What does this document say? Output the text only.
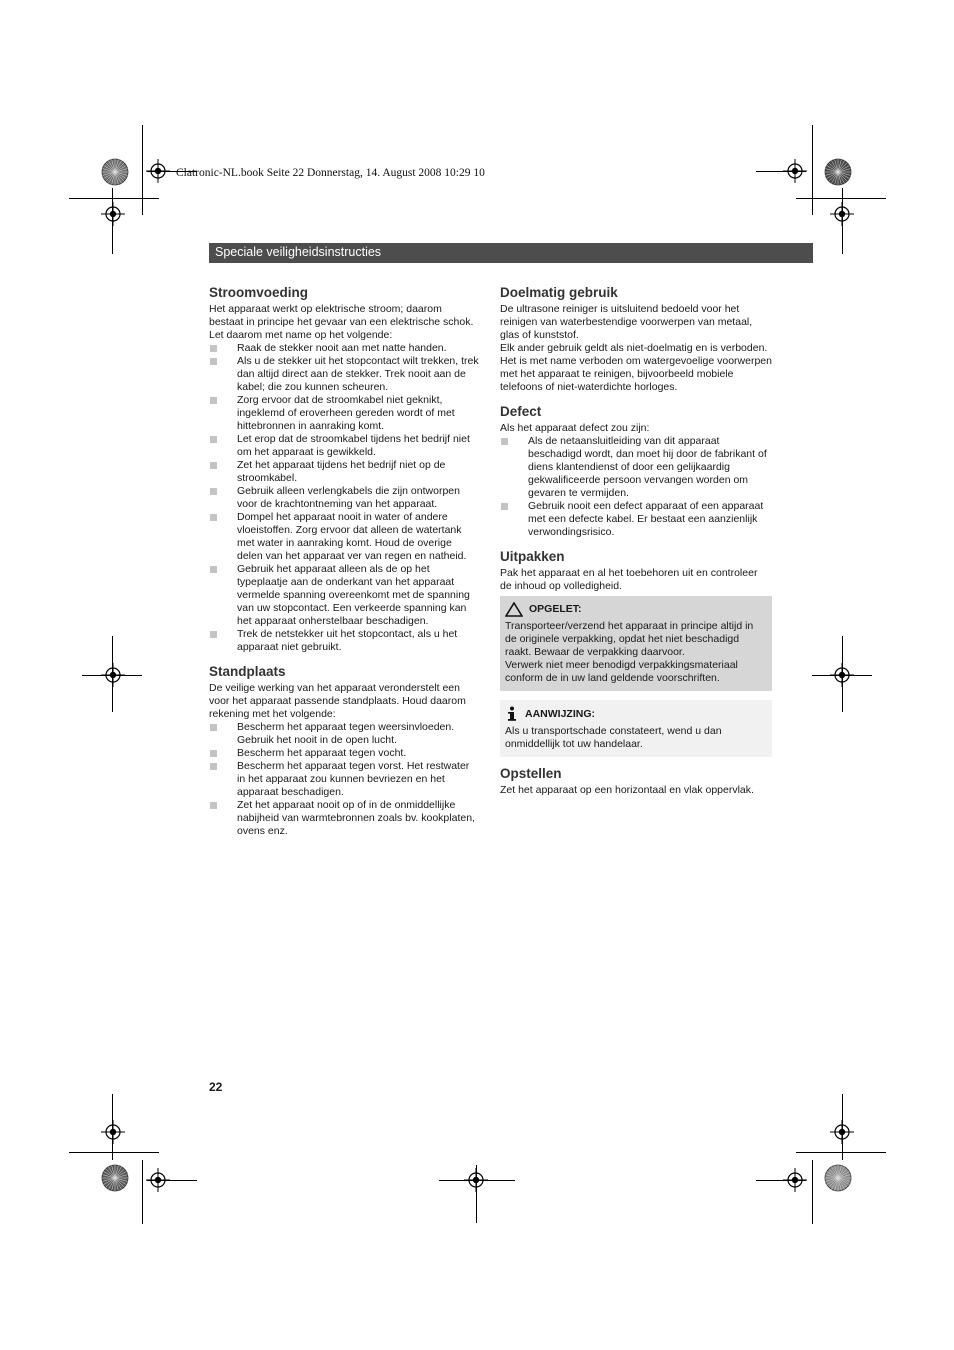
Clatronic-NL.book Seite 22 Donnerstag, 14. August 2008 10:29 10
Speciale veiligheidsinstructies
Stroomvoeding

Het apparaat werkt op elektrische stroom; daarom bestaat in principe het gevaar van een elektrische schok. Let daarom met name op het volgende:

Raak de stekker nooit aan met natte handen.
Als u de stekker uit het stopcontact wilt trekken, trek dan altijd direct aan de stekker. Trek nooit aan de kabel; die zou kunnen scheuren.
Zorg ervoor dat de stroomkabel niet geknikt, ingeklemd of eroverheen gereden wordt of met hittebronnen in aanraking komt.
Let erop dat de stroomkabel tijdens het bedrijf niet om het apparaat is gewikkeld.
Zet het apparaat tijdens het bedrijf niet op de stroomkabel.
Gebruik alleen verlengkabels die zijn ontworpen voor de krachtontneming van het apparaat.
Dompel het apparaat nooit in water of andere vloeistoffen. Zorg ervoor dat alleen de watertank met water in aanraking komt. Houd de overige delen van het apparaat ver van regen en natheid.
Gebruik het apparaat alleen als de op het typeplaatje aan de onderkant van het apparaat vermelde spanning overeenkomt met de spanning van uw stopcontact. Een verkeerde spanning kan het apparaat onherstelbaar beschadigen.
Trek de netstekker uit het stopcontact, als u het apparaat niet gebruikt.
Standplaats

De veilige werking van het apparaat veronderstelt een voor het apparaat passende standplaats. Houd daarom rekening met het volgende:

Bescherm het apparaat tegen weersinvloeden. Gebruik het nooit in de open lucht.
Bescherm het apparaat tegen vocht.
Bescherm het apparaat tegen vorst. Het restwater in het apparaat zou kunnen bevriezen en het apparaat beschadigen.
Zet het apparaat nooit op of in de onmiddellijke nabijheid van warmtebronnen zoals bv. kookplaten, ovens enz.
Doelmatig gebruik

De ultrasone reiniger is uitsluitend bedoeld voor het reinigen van waterbestendige voorwerpen van metaal, glas of kunststof.

Elk ander gebruik geldt als niet-doelmatig en is verboden.

Het is met name verboden om watergevoelige voorwerpen met het apparaat te reinigen, bijvoorbeeld mobiele telefoons of niet-waterdichte horloges.

Defect

Als het apparaat defect zou zijn:

Als de netaansluitleiding van dit apparaat beschadigd wordt, dan moet hij door de fabrikant of diens klantendienst of door een gelijkaardig gekwalificeerde persoon vervangen worden om gevaren te vermijden.
Gebruik nooit een defect apparaat of een apparaat met een defecte kabel. Er bestaat een aanzienlijk verwondingsrisico.
Uitpakken

Pak het apparaat en al het toebehoren uit en controleer de inhoud op volledigheid.

OPGELET:

Transporteer/verzend het apparaat in principe altijd in de originele verpakking, opdat het niet beschadigd raakt. Bewaar de verpakking daarvoor.

Verwerk niet meer benodigd verpakkingsmateriaal conform de in uw land geldende voorschriften.

AANWIJZING:

Als u transportschade constateert, wend u dan onmiddellijk tot uw handelaar.

Opstellen

Zet het apparaat op een horizontaal en vlak oppervlak.

22
